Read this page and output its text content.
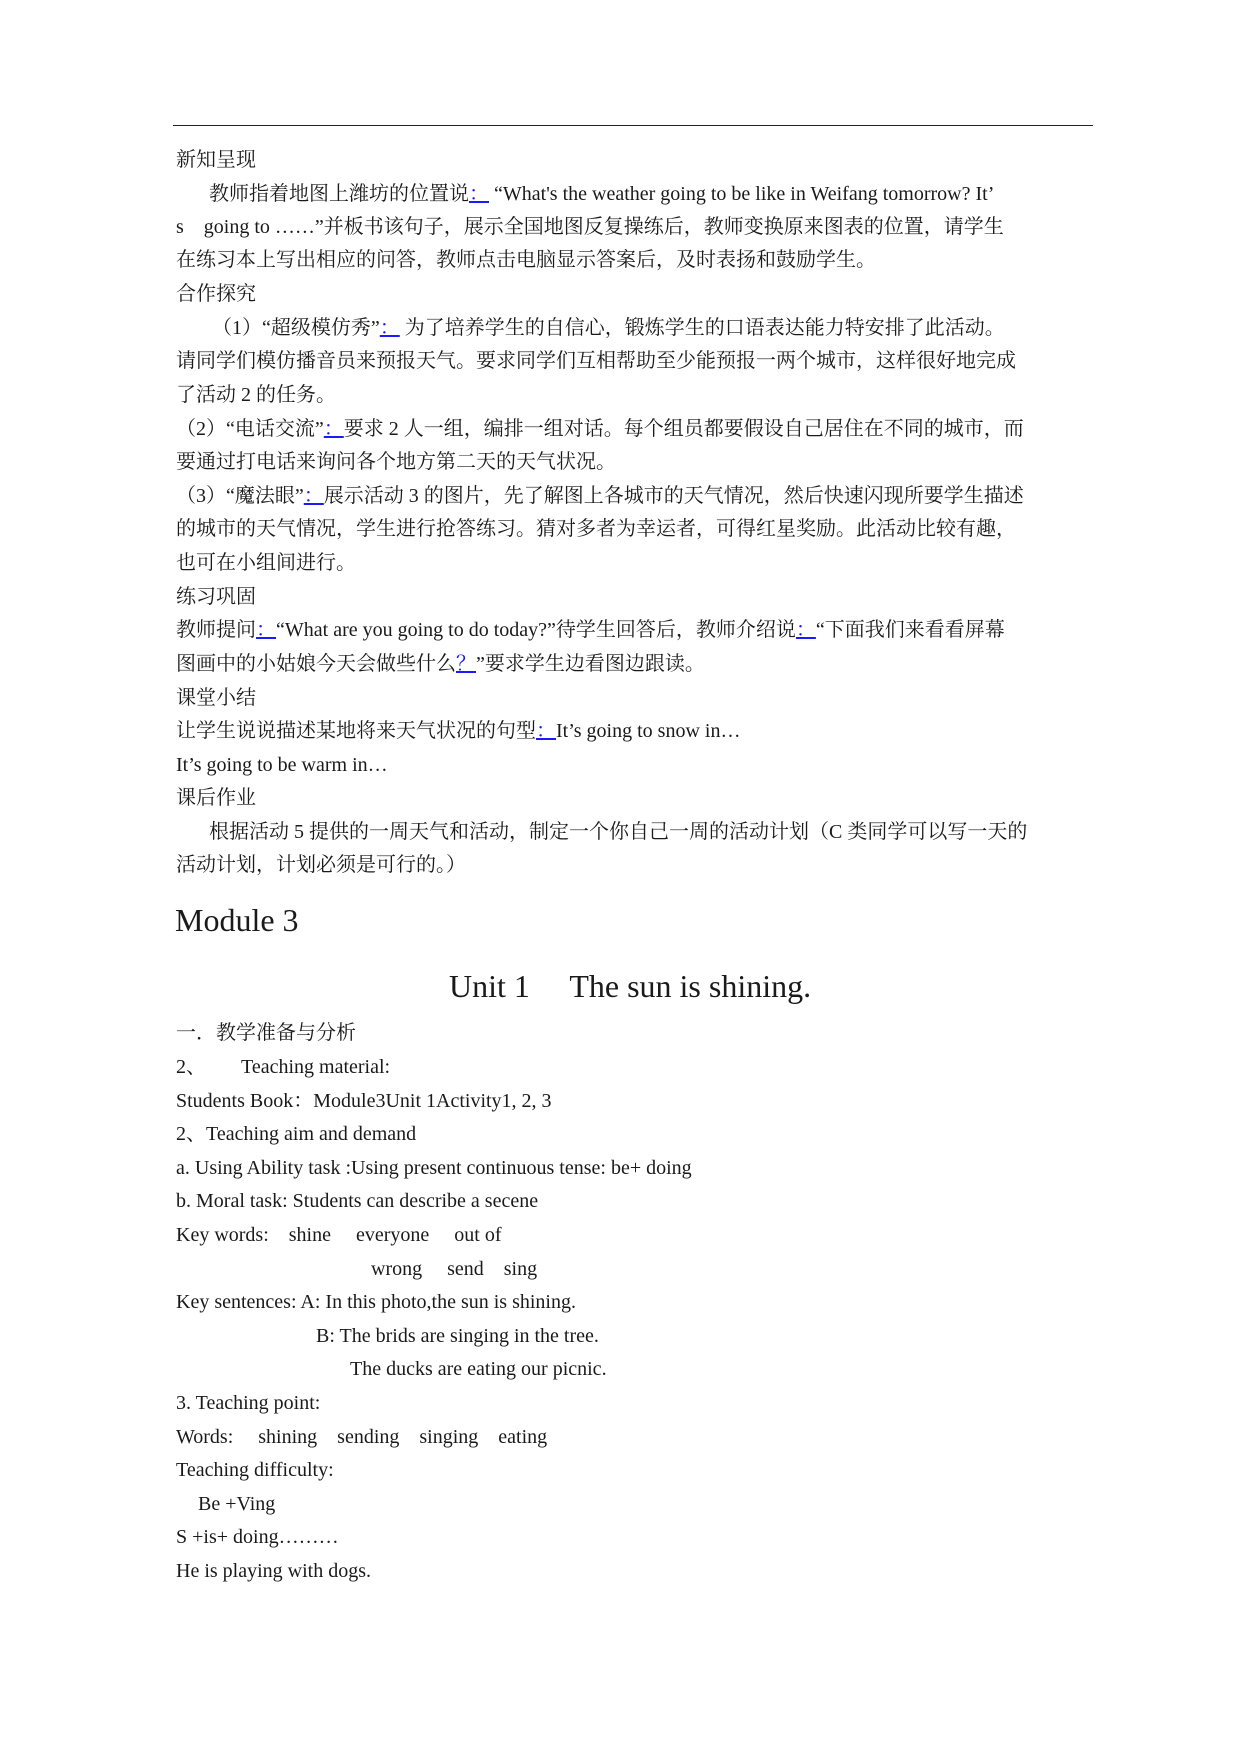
新知呈现
教师指着地图上潍坊的位置说： “What's the weather going to be like in Weifang tomorrow? It’
s　going to ……”并板书该句子，展示全国地图反复操练后，教师变换原来图表的位置，请学生
在练习本上写出相应的问答，教师点击电脑显示答案后，及时表扬和鼓励学生。
合作探究
（1）“超级模仿秀”： 为了培养学生的自信心，锻炼学生的口语表达能力特安排了此活动。
请同学们模仿播音员来预报天气。要求同学们互相帮助至少能预报一两个城市，这样很好地完成
了活动 2 的任务。
（2）“电话交流”：要求 2 人一组，编排一组对话。每个组员都要假设自己居住在不同的城市，而
要通过打电话来询问各个地方第二天的天气状况。
（3）“魔法眼”：展示活动 3 的图片，先了解图上各城市的天气情况，然后快速闪现所要学生描述
的城市的天气情况，学生进行抢答练习。猜对多者为幸运者，可得红星奖励。此活动比较有趣，
也可在小组间进行。
练习巩固
教师提问：“What are you going to do today?”待学生回答后，教师介绍说：“下面我们来看看屏幕
图画中的小姑娘今天会做些什么？”要求学生边看图边跟读。
课堂小结
让学生说说描述某地将来天气状况的句型：It’s going to snow in…
It’s going to be warm in…
课后作业
根据活动 5 提供的一周天气和活动，制定一个你自己一周的活动计划（C 类同学可以写一天的
活动计划，计划必须是可行的。）
Module 3
Unit 1　 The sun is shining.
一．教学准备与分析
2、　　 Teaching material:
Students Book：Module3Unit 1Activity1, 2, 3
2、Teaching aim and demand
a. Using Ability task :Using present continuous tense: be+ doing
b. Moral task: Students can describe a secene
Key words:　shine　 everyone　 out of
wrong　 send　sing
Key sentences: A: In this photo,the sun is shining.
B: The brids are singing in the tree.
The ducks are eating our picnic.
3. Teaching point:
Words:　 shining　sending　singing　eating
Teaching difficulty:
Be +Ving
S +is+ doing………
He is playing with dogs.
